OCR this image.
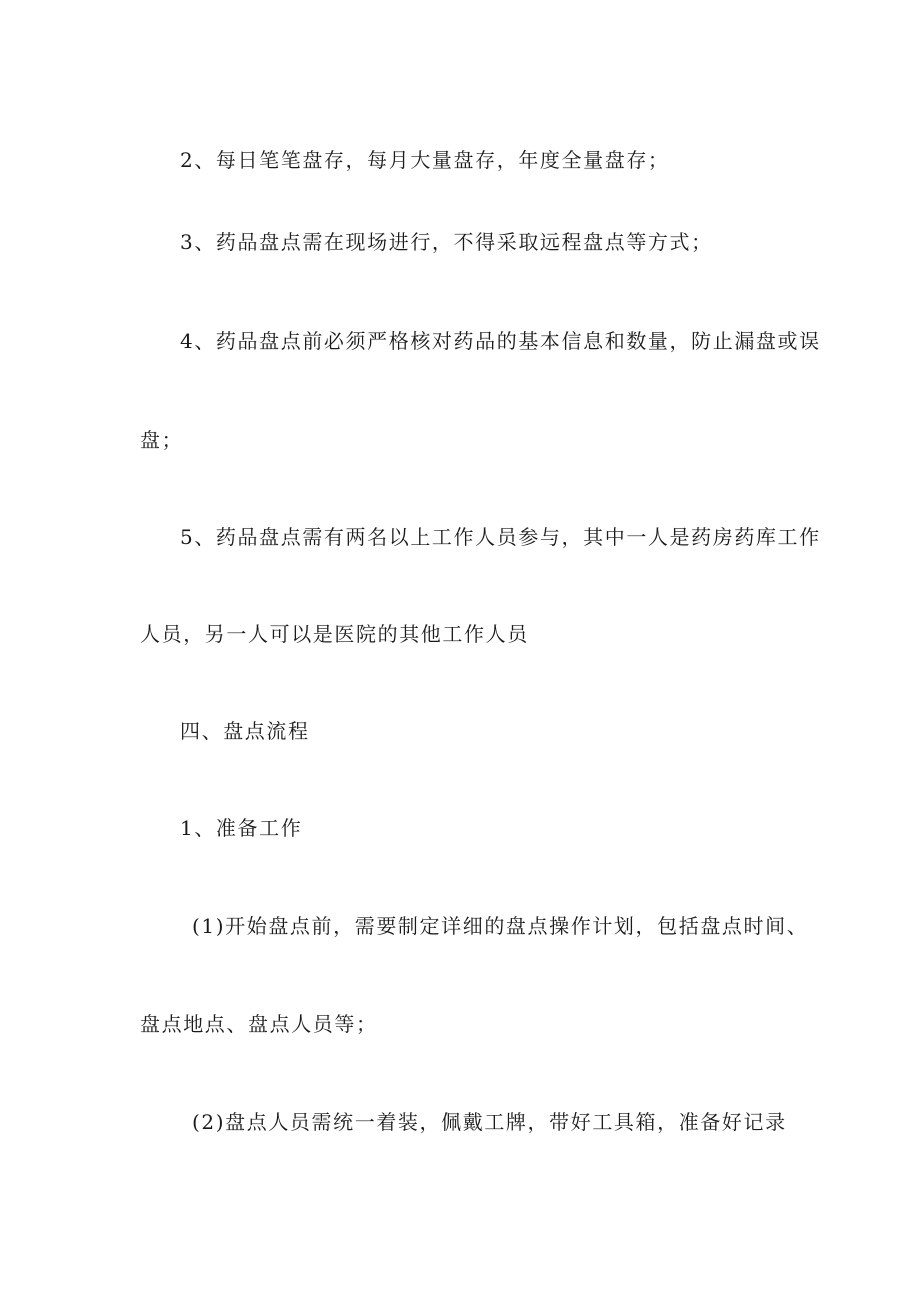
2、每日笔笔盘存，每月大量盘存，年度全量盘存；

3、药品盘点需在现场进行，不得采取远程盘点等方式；

4、药品盘点前必须严格核对药品的基本信息和数量，防止漏盘或误

盘；

5、药品盘点需有两名以上工作人员参与，其中一人是药房药库工作

人员，另一人可以是医院的其他工作人员

四、盘点流程

1、准备工作

(1)开始盘点前，需要制定详细的盘点操作计划，包括盘点时间、

盘点地点、盘点人员等；

(2)盘点人员需统一着装，佩戴工牌，带好工具箱，准备好记录
